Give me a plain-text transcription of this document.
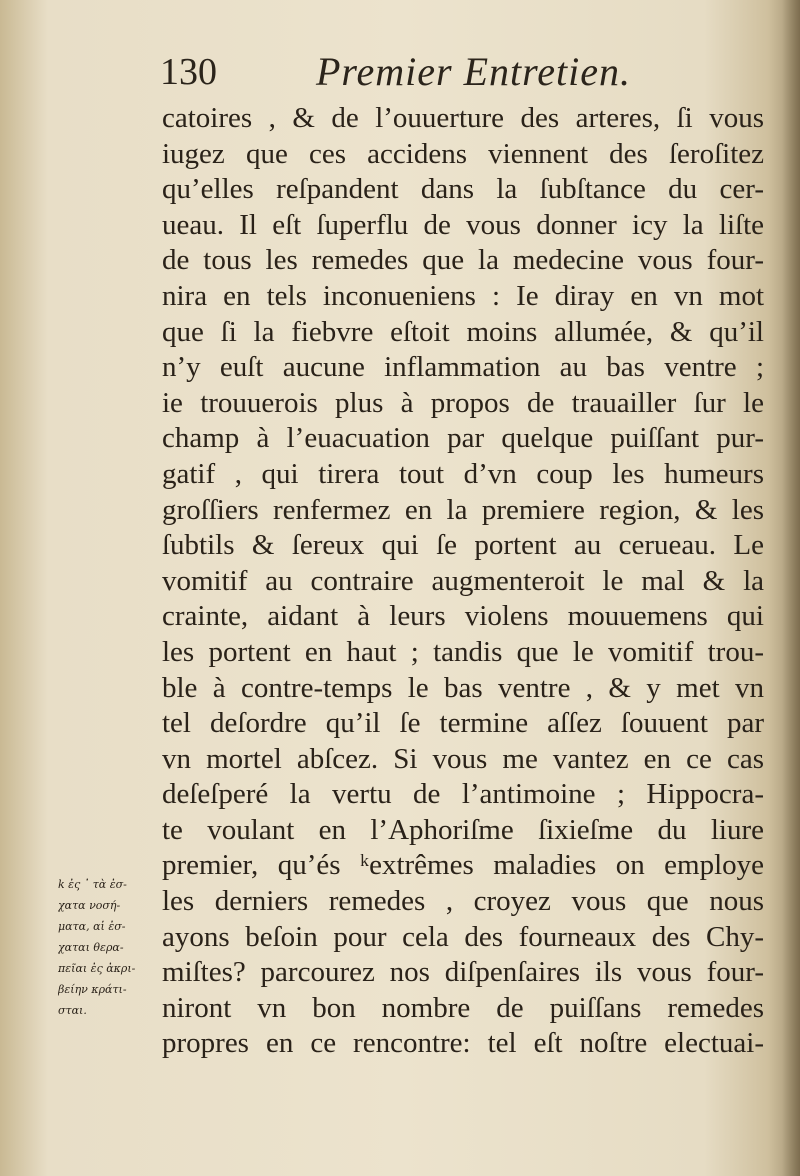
130 Premier Entretien.
catoires , & de l’ouuerture des arteres, ſi vous
iugez que ces accidens viennent des ſeroſitez
qu’elles reſpandent dans la ſubſtance du cer-
ueau. Il eſt ſuperflu de vous donner icy la liſte
de tous les remedes que la medecine vous four-
nira en tels inconueniens : Ie diray en vn mot
que ſi la fiebvre eſtoit moins allumée, & qu’il
n’y euſt aucune inflammation au bas ventre ;
ie trouuerois plus à propos de trauailler ſur le
champ à l’euacuation par quelque puiſſant pur-
gatif , qui tirera tout d’vn coup les humeurs
groſſiers renfermez en la premiere region, & les
ſubtils & ſereux qui ſe portent au cerueau. Le
vomitif au contraire augmenteroit le mal & la
crainte, aidant à leurs violens mouuemens qui
les portent en haut ; tandis que le vomitif trou-
ble à contre-temps le bas ventre , & y met vn
tel deſordre qu’il ſe termine aſſez ſouuent par
vn mortel abſcez. Si vous me vantez en ce cas
deſeſperé la vertu de l’antimoine ; Hippocra-
te voulant en l’Aphoriſme ſixieſme du liure
premier, qu’és ᵏextrêmes maladies on employe
les derniers remedes , croyez vous que nous
ayons beſoin pour cela des fourneaux des Chy-
miſtes? parcourez nos diſpenſaires ils vous four-
niront vn bon nombre de puiſſans remedes
propres en ce rencontre: tel eſt noſtre electuai-
k ἐς ᾿ τὰ ἐσ-
χατα νοσή-
ματα, αἱ ἐσ-
χαται θερα-
πεῖαι ἐς ἀκρι-
βείην κράτι-
σται.
